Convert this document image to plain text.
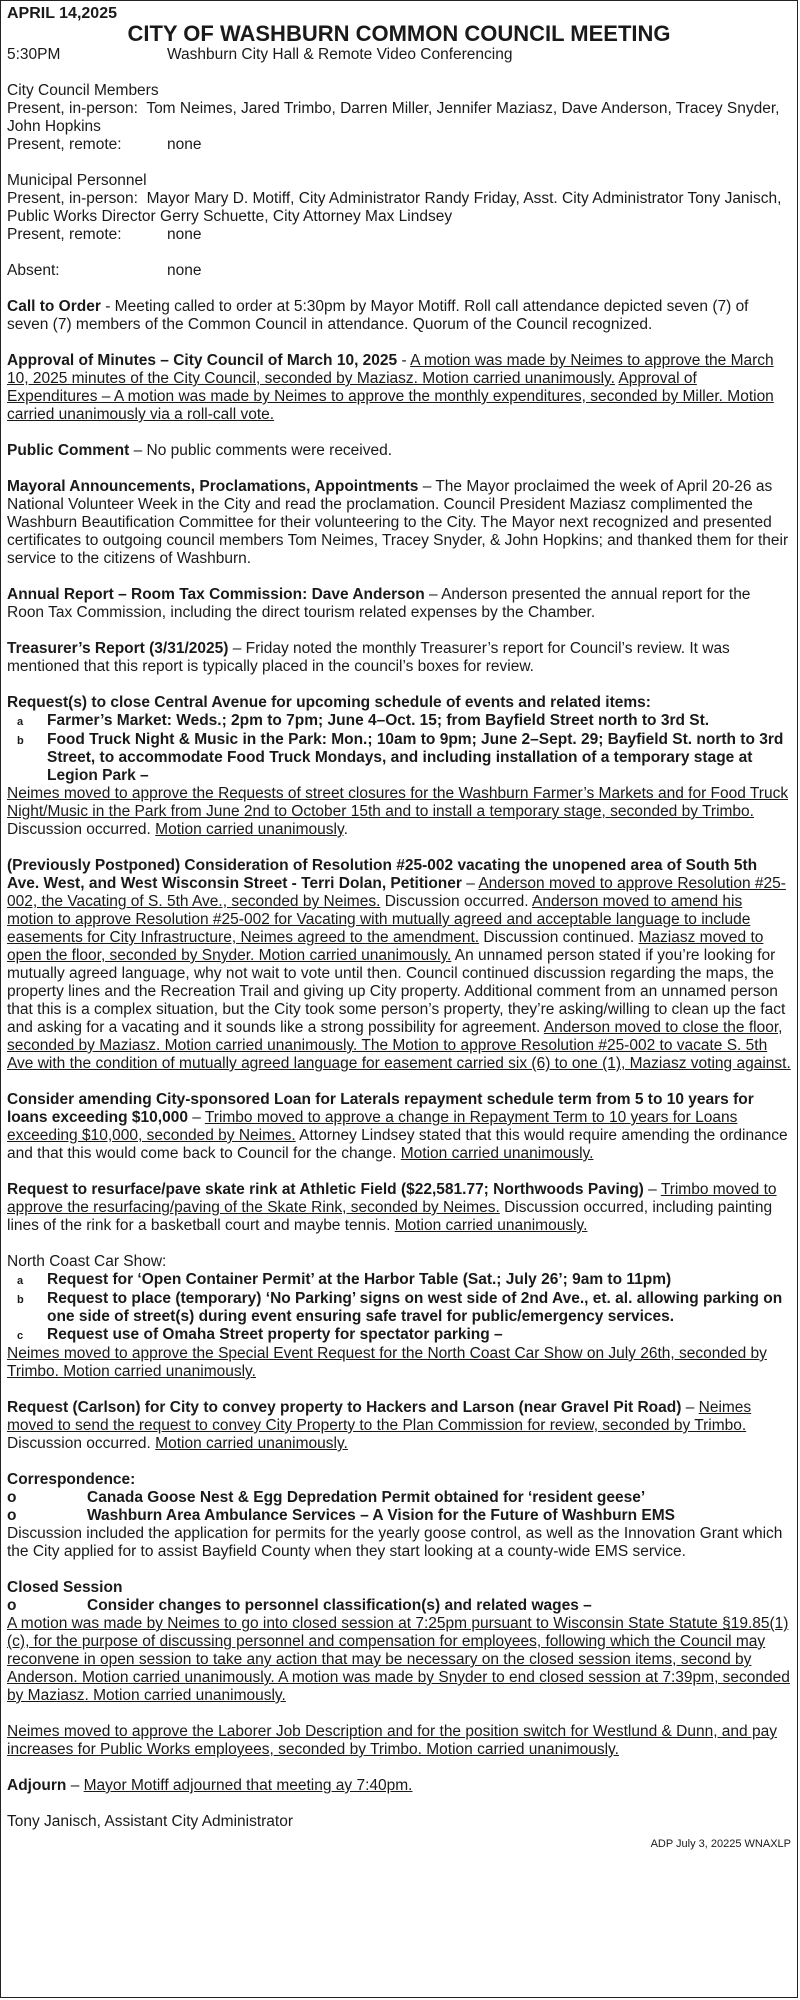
APRIL 14,2025
CITY OF WASHBURN COMMON COUNCIL MEETING
5:30PM	Washburn City Hall & Remote Video Conferencing
City Council Members
Present, in-person: Tom Neimes, Jared Trimbo, Darren Miller, Jennifer Maziasz, Dave Anderson, Tracey Snyder, John Hopkins
Present, remote:	none
Municipal Personnel
Present, in-person: Mayor Mary D. Motiff, City Administrator Randy Friday, Asst. City Administrator Tony Janisch, Public Works Director Gerry Schuette, City Attorney Max Lindsey
Present, remote:	none
Absent:	none

Call to Order - Meeting called to order at 5:30pm by Mayor Motiff. Roll call attendance depicted seven (7) of seven (7) members of the Common Council in attendance. Quorum of the Council recognized.

Approval of Minutes – City Council of March 10, 2025 - A motion was made by Neimes to approve the March 10, 2025 minutes of the City Council, seconded by Maziasz. Motion carried unanimously. Approval of Expenditures – A motion was made by Neimes to approve the monthly expenditures, seconded by Miller. Motion carried unanimously via a roll-call vote.

Public Comment – No public comments were received.

Mayoral Announcements, Proclamations, Appointments – The Mayor proclaimed the week of April 20-26 as National Volunteer Week in the City and read the proclamation. Council President Maziasz complimented the Washburn Beautification Committee for their volunteering to the City. The Mayor next recognized and presented certificates to outgoing council members Tom Neimes, Tracey Snyder, & John Hopkins; and thanked them for their service to the citizens of Washburn.

Annual Report – Room Tax Commission: Dave Anderson – Anderson presented the annual report for the Roon Tax Commission, including the direct tourism related expenses by the Chamber.

Treasurer’s Report (3/31/2025) – Friday noted the monthly Treasurer’s report for Council’s review. It was mentioned that this report is typically placed in the council’s boxes for review.

Request(s) to close Central Avenue for upcoming schedule of events and related items:
a	Farmer’s Market: Weds.; 2pm to 7pm; June 4–Oct. 15; from Bayfield Street north to 3rd St.
b	Food Truck Night & Music in the Park: Mon.; 10am to 9pm; June 2–Sept. 29; Bayfield St. north to 3rd Street, to accommodate Food Truck Mondays, and including installation of a temporary stage at Legion Park –

Neimes moved to approve the Requests of street closures for the Washburn Farmer’s Markets and for Food Truck Night/Music in the Park from June 2nd to October 15th and to install a temporary stage, seconded by Trimbo. Discussion occurred. Motion carried unanimously.

(Previously Postponed) Consideration of Resolution #25-002 vacating the unopened area of South 5th Ave. West, and West Wisconsin Street - Terri Dolan, Petitioner – Anderson moved to approve Resolution #25-002, the Vacating of S. 5th Ave., seconded by Neimes. Discussion occurred. Anderson moved to amend his motion to approve Resolution #25-002 for Vacating with mutually agreed and acceptable language to include easements for City Infrastructure, Neimes agreed to the amendment. Discussion continued. Maziasz moved to open the floor, seconded by Snyder. Motion carried unanimously. An unnamed person stated if you’re looking for mutually agreed language, why not wait to vote until then. Council continued discussion regarding the maps, the property lines and the Recreation Trail and giving up City property. Additional comment from an unnamed person that this is a complex situation, but the City took some person’s property, they’re asking/willing to clean up the fact and asking for a vacating and it sounds like a strong possibility for agreement. Anderson moved to close the floor, seconded by Maziasz. Motion carried unanimously. The Motion to approve Resolution #25-002 to vacate S. 5th Ave with the condition of mutually agreed language for easement carried six (6) to one (1), Maziasz voting against.

Consider amending City-sponsored Loan for Laterals repayment schedule term from 5 to 10 years for loans exceeding $10,000 – Trimbo moved to approve a change in Repayment Term to 10 years for Loans exceeding $10,000, seconded by Neimes. Attorney Lindsey stated that this would require amending the ordinance and that this would come back to Council for the change. Motion carried unanimously.

Request to resurface/pave skate rink at Athletic Field ($22,581.77; Northwoods Paving) – Trimbo moved to approve the resurfacing/paving of the Skate Rink, seconded by Neimes. Discussion occurred, including painting lines of the rink for a basketball court and maybe tennis. Motion carried unanimously.

North Coast Car Show:
a	Request for ‘Open Container Permit’ at the Harbor Table (Sat.; July 26’; 9am to 11pm)
b	Request to place (temporary) ‘No Parking’ signs on west side of 2nd Ave., et. al. allowing parking on one side of street(s) during event ensuring safe travel for public/emergency services.
c	Request use of Omaha Street property for spectator parking –

Neimes moved to approve the Special Event Request for the North Coast Car Show on July 26th, seconded by Trimbo. Motion carried unanimously.

Request (Carlson) for City to convey property to Hackers and Larson (near Gravel Pit Road) – Neimes moved to send the request to convey City Property to the Plan Commission for review, seconded by Trimbo. Discussion occurred. Motion carried unanimously.

Correspondence:
o	Canada Goose Nest & Egg Depredation Permit obtained for ‘resident geese’
o	Washburn Area Ambulance Services – A Vision for the Future of Washburn EMS

Discussion included the application for permits for the yearly goose control, as well as the Innovation Grant which the City applied for to assist Bayfield County when they start looking at a county-wide EMS service.

Closed Session
o	Consider changes to personnel classification(s) and related wages –

A motion was made by Neimes to go into closed session at 7:25pm pursuant to Wisconsin State Statute §19.85(1)(c), for the purpose of discussing personnel and compensation for employees, following which the Council may reconvene in open session to take any action that may be necessary on the closed session items, second by Anderson. Motion carried unanimously. A motion was made by Snyder to end closed session at 7:39pm, seconded by Maziasz. Motion carried unanimously.

Neimes moved to approve the Laborer Job Description and for the position switch for Westlund & Dunn, and pay increases for Public Works employees, seconded by Trimbo. Motion carried unanimously.

Adjourn – Mayor Motiff adjourned that meeting ay 7:40pm.

Tony Janisch, Assistant City Administrator
ADP July 3, 20225 WNAXLP
